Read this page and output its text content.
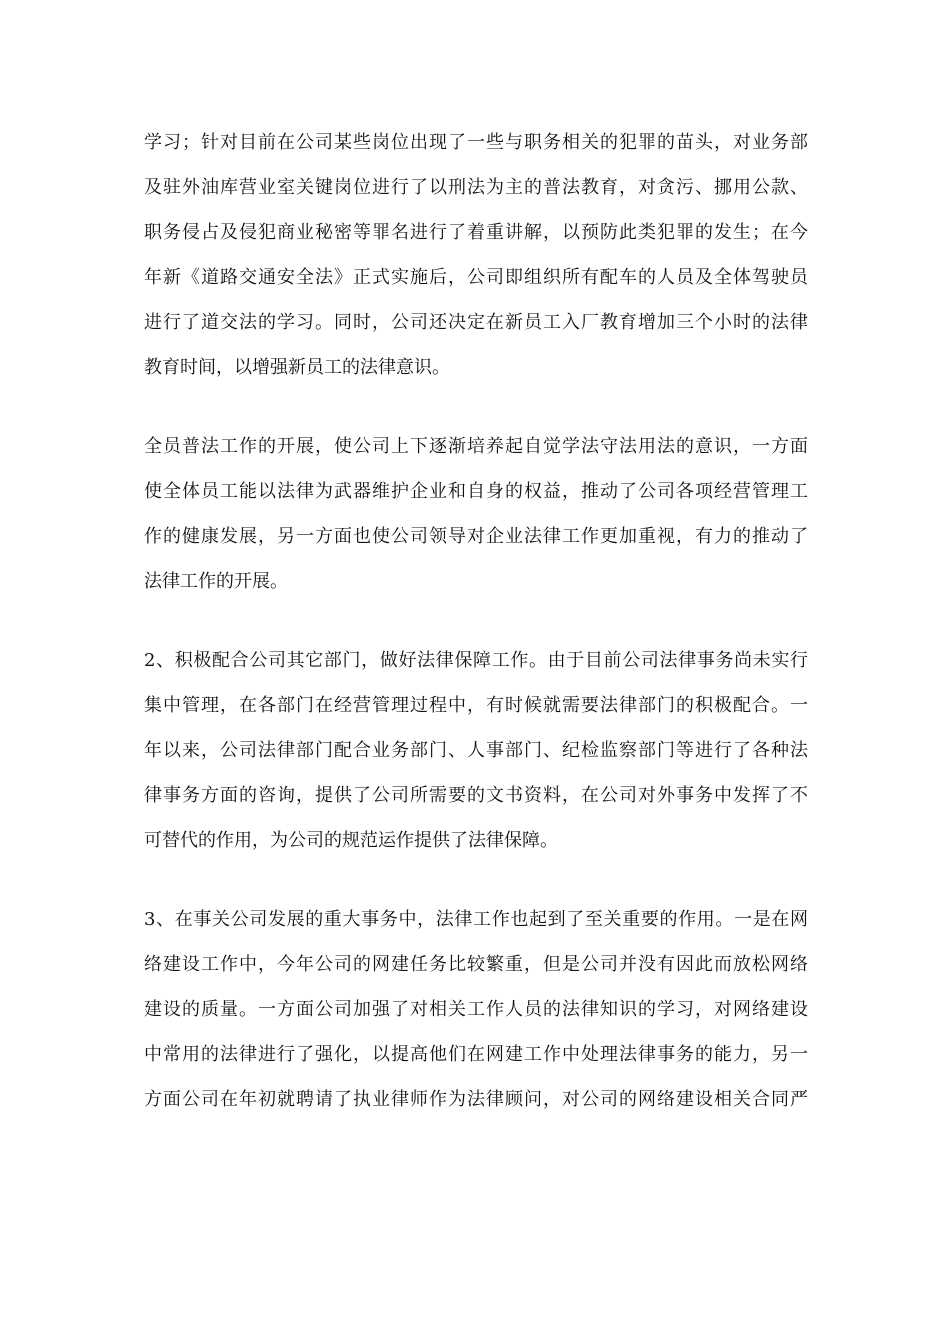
学习；针对目前在公司某些岗位出现了一些与职务相关的犯罪的苗头，对业务部
及驻外油库营业室关键岗位进行了以刑法为主的普法教育，对贪污、挪用公款、
职务侵占及侵犯商业秘密等罪名进行了着重讲解，以预防此类犯罪的发生；在今
年新《道路交通安全法》正式实施后，公司即组织所有配车的人员及全体驾驶员
进行了道交法的学习。同时，公司还决定在新员工入厂教育增加三个小时的法律
教育时间，以增强新员工的法律意识。
全员普法工作的开展，使公司上下逐渐培养起自觉学法守法用法的意识，一方面
使全体员工能以法律为武器维护企业和自身的权益，推动了公司各项经营管理工
作的健康发展，另一方面也使公司领导对企业法律工作更加重视，有力的推动了
法律工作的开展。
2、积极配合公司其它部门，做好法律保障工作。由于目前公司法律事务尚未实行
集中管理，在各部门在经营管理过程中，有时候就需要法律部门的积极配合。一
年以来，公司法律部门配合业务部门、人事部门、纪检监察部门等进行了各种法
律事务方面的咨询，提供了公司所需要的文书资料，在公司对外事务中发挥了不
可替代的作用，为公司的规范运作提供了法律保障。
3、在事关公司发展的重大事务中，法律工作也起到了至关重要的作用。一是在网
络建设工作中，今年公司的网建任务比较繁重，但是公司并没有因此而放松网络
建设的质量。一方面公司加强了对相关工作人员的法律知识的学习，对网络建设
中常用的法律进行了强化，以提高他们在网建工作中处理法律事务的能力，另一
方面公司在年初就聘请了执业律师作为法律顾问，对公司的网络建设相关合同严
